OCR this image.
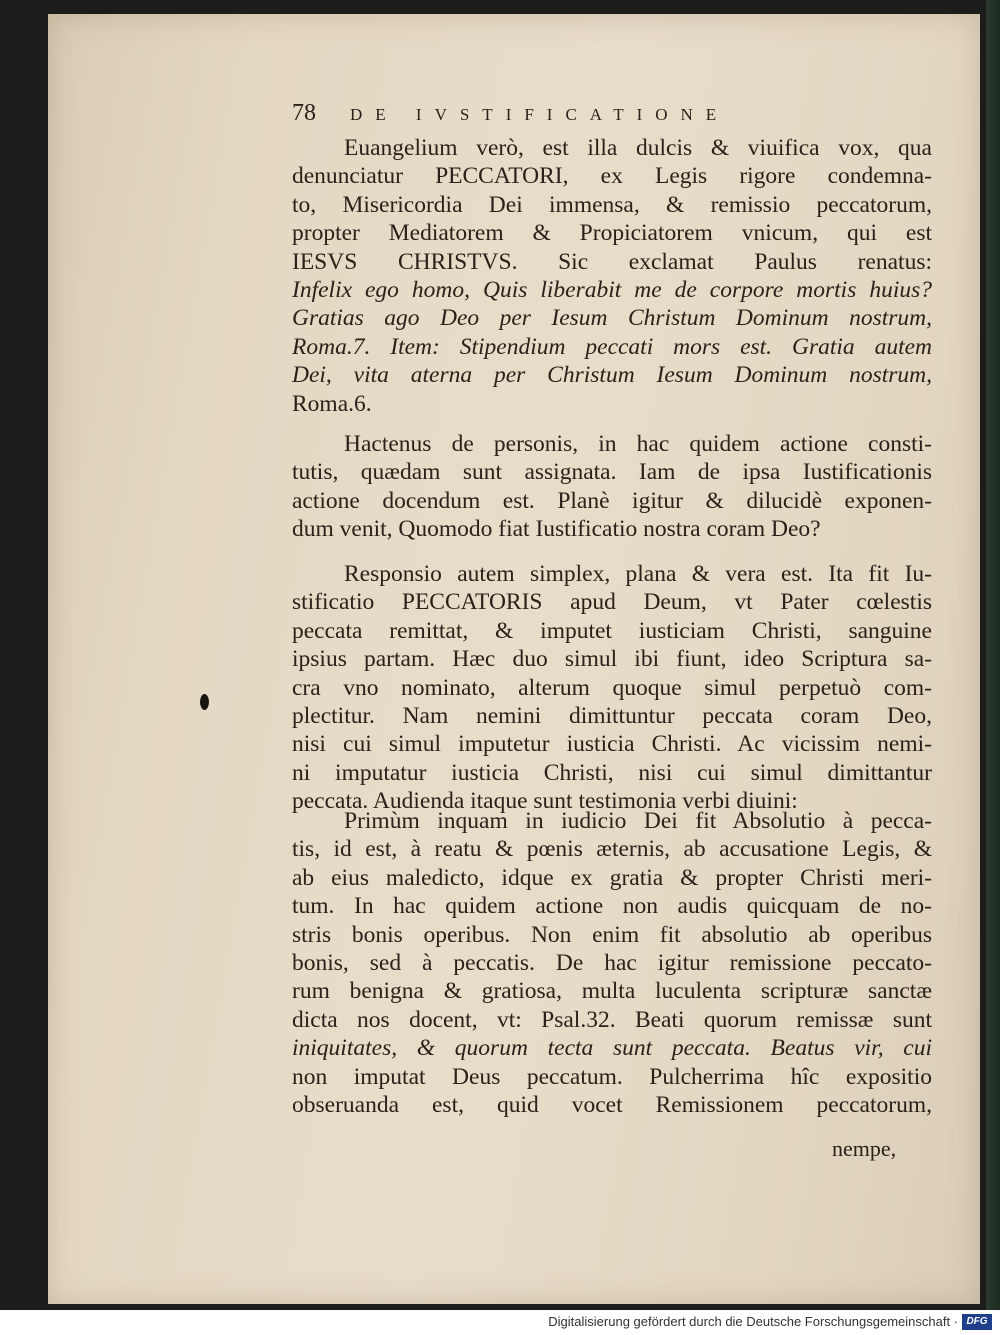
78 DE IVSTIFICATIONE

Euangelium verò, est illa dulcis & viuifica vox, qua
denunciatur PECCATORI, ex Legis rigore condemna-
to, Misericordia Dei immensa, & remissio peccatorum,
propter Mediatorem & Propiciatorem vnicum, qui est
IESVS CHRISTVS. Sic exclamat Paulus renatus:
Infelix ego homo, Quis liberabit me de corpore mortis huius?
Gratias ago Deo per Iesum Christum Dominum nostrum,
Roma.7. Item: Stipendium peccati mors est. Gratia autem
Dei, vita aterna per Christum Iesum Dominum nostrum,
Roma.6.

Hactenus de personis, in hac quidem actione consti-
tutis, quædam sunt assignata. Iam de ipsa Iustificationis
actione docendum est. Planè igitur & dilucidè exponen-
dum venit, Quomodo fiat Iustificatio nostra coram Deo?

Responsio autem simplex, plana & vera est. Ita fit Iu-
stificatio PECCATORIS apud Deum, vt Pater cœlestis
peccata remittat, & imputet iusticiam Christi, sanguine
ipsius partam. Hæc duo simul ibi fiunt, ideo Scriptura sa-
cra vno nominato, alterum quoque simul perpetuò com-
plectitur. Nam nemini dimittuntur peccata coram Deo,
nisi cui simul imputetur iusticia Christi. Ac vicissim nemi-
ni imputatur iusticia Christi, nisi cui simul dimittantur
peccata. Audienda itaque sunt testimonia verbi diuini:

Primùm inquam in iudicio Dei fit Absolutio à pecca-
tis, id est, à reatu & pœnis æternis, ab accusatione Legis, &
ab eius maledicto, idque ex gratia & propter Christi meri-
tum. In hac quidem actione non audis quicquam de no-
stris bonis operibus. Non enim fit absolutio ab operibus
bonis, sed à peccatis. De hac igitur remissione peccato-
rum benigna & gratiosa, multa luculenta scripturæ sanctæ
dicta nos docent, vt: Psal.32. Beati quorum remissæ sunt
iniquitates, & quorum tecta sunt peccata. Beatus vir, cui
non imputat Deus peccatum. Pulcherrima hîc expositio
obseruanda est, quid vocet Remissionem peccatorum,

nempe,
Digitalisierung gefördert durch die Deutsche Forschungsgemeinschaft · DFG
